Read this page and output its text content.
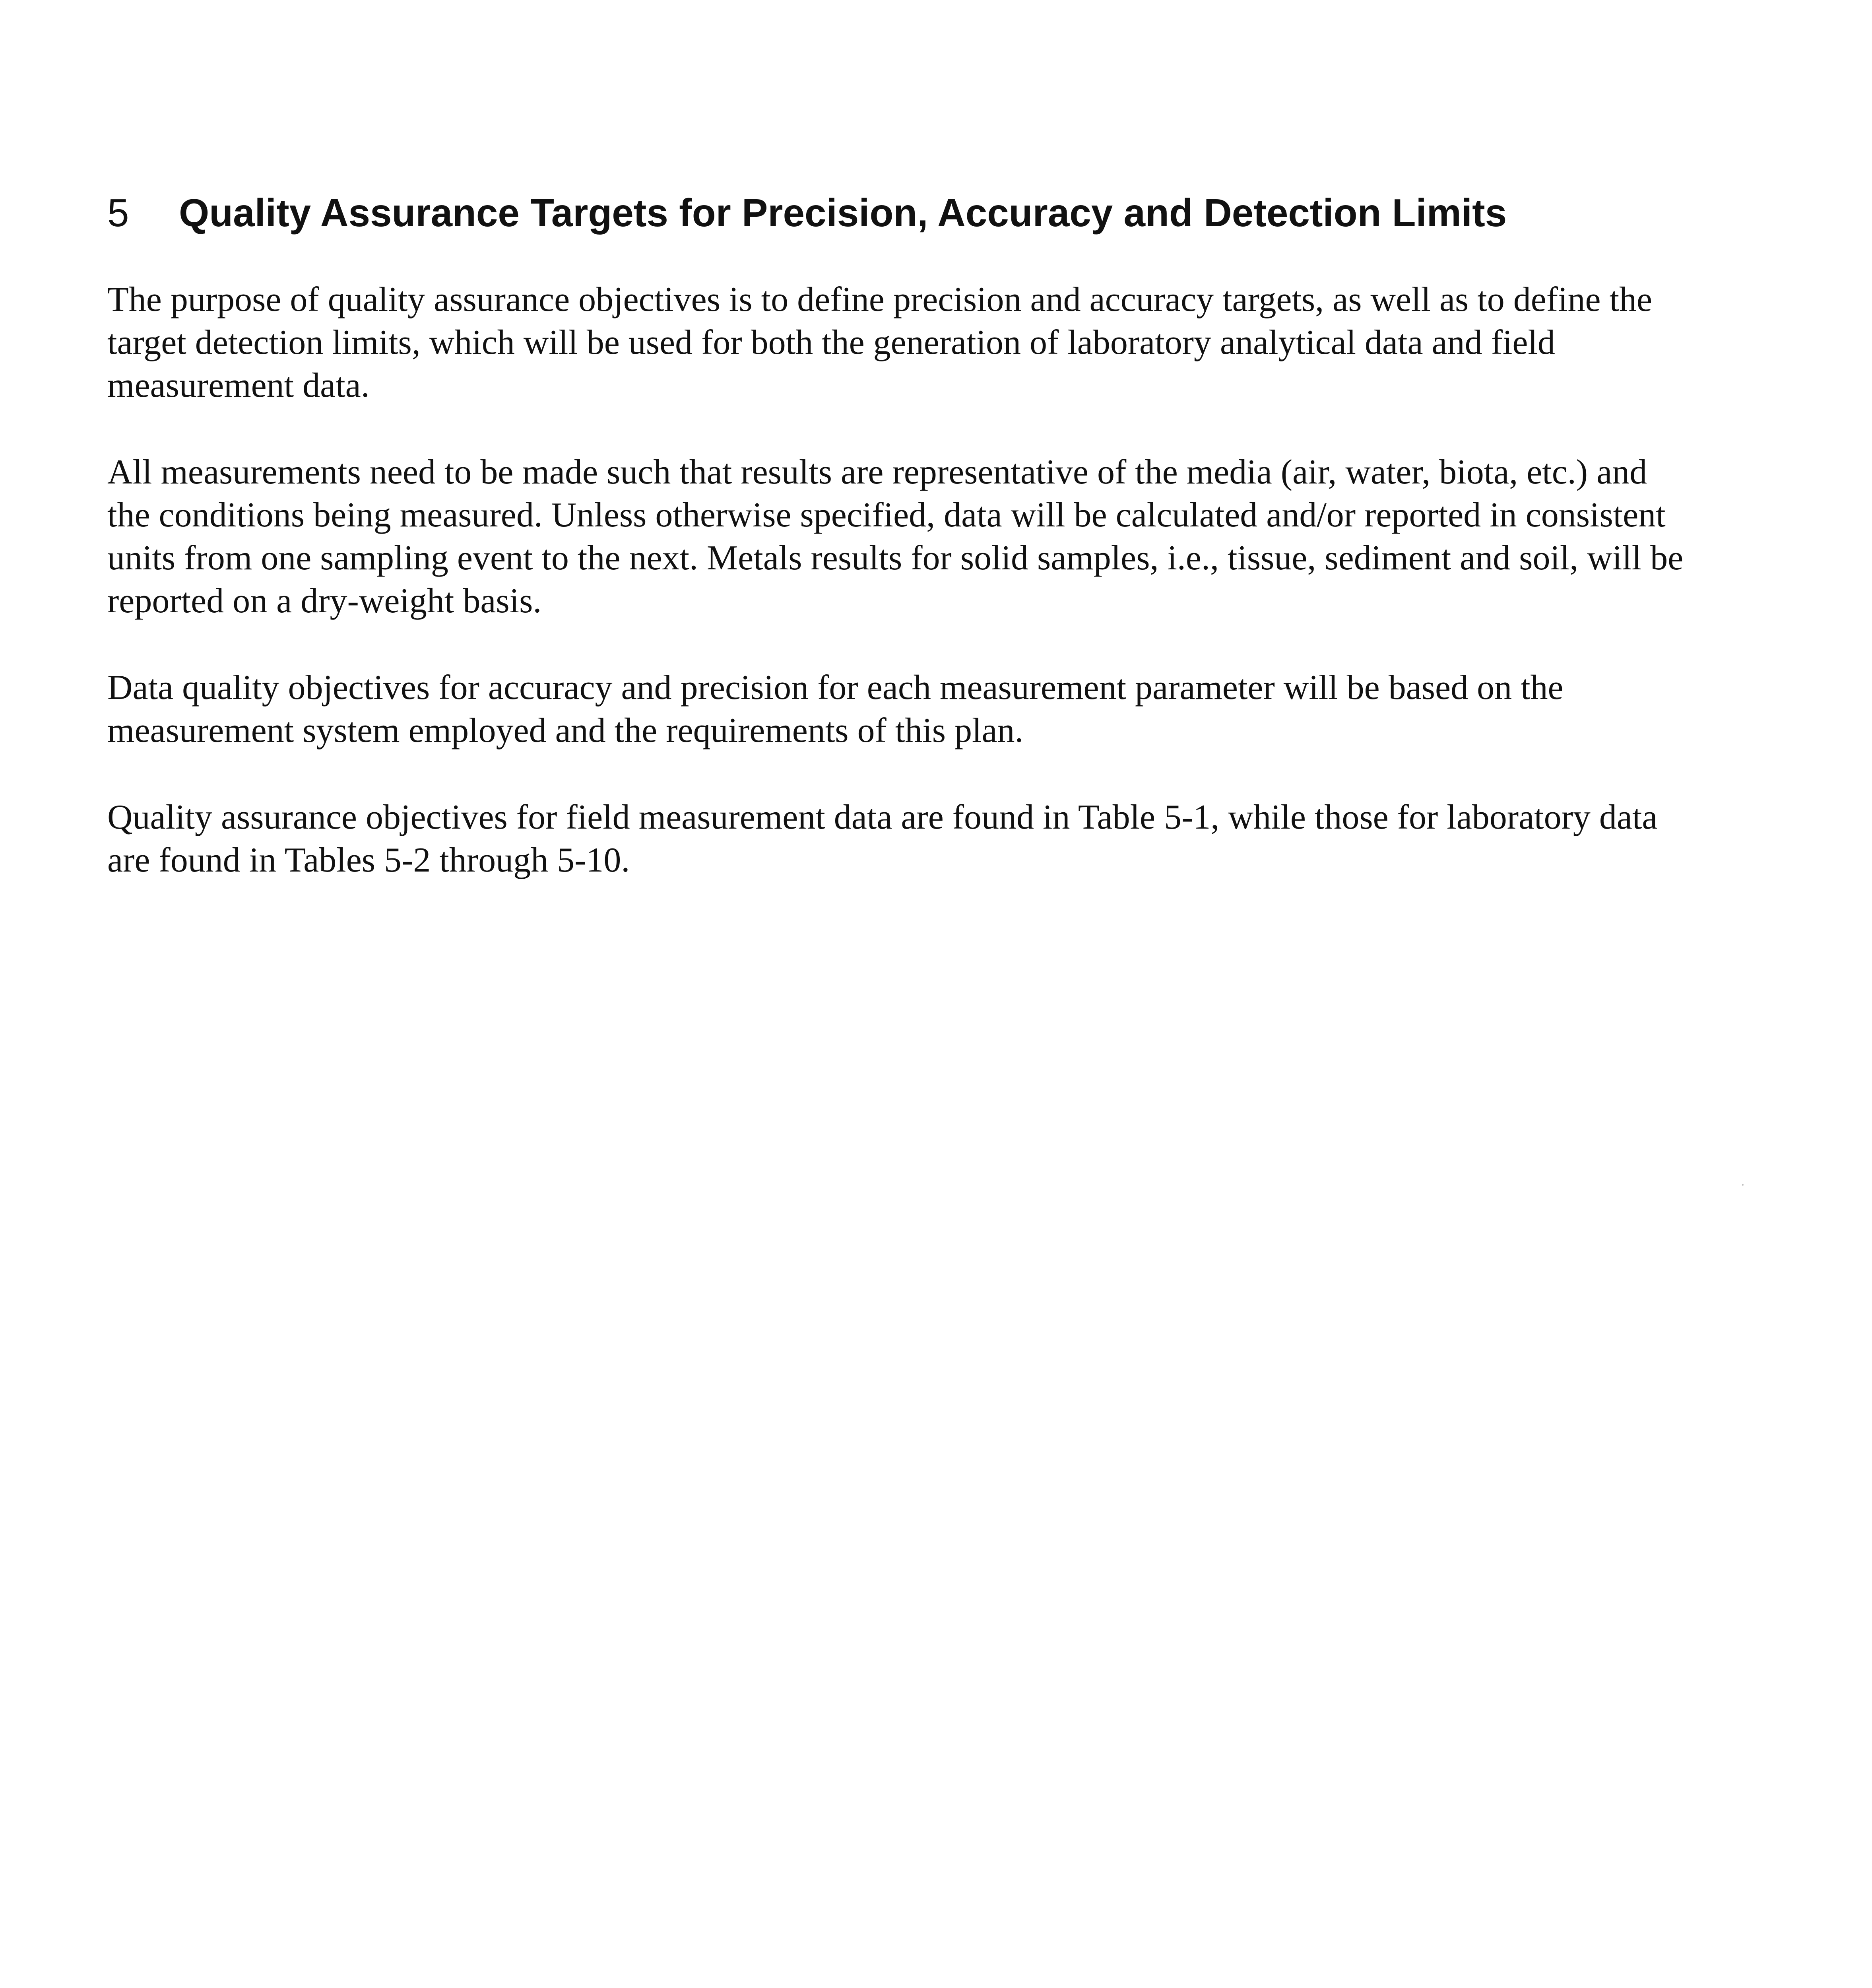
5 Quality Assurance Targets for Precision, Accuracy and Detection Limits

The purpose of quality assurance objectives is to define precision and accuracy targets, as well as to define the target detection limits, which will be used for both the generation of laboratory analytical data and field measurement data.

All measurements need to be made such that results are representative of the media (air, water, biota, etc.) and the conditions being measured. Unless otherwise specified, data will be calculated and/or reported in consistent units from one sampling event to the next. Metals results for solid samples, i.e., tissue, sediment and soil, will be reported on a dry-weight basis.

Data quality objectives for accuracy and precision for each measurement parameter will be based on the measurement system employed and the requirements of this plan.

Quality assurance objectives for field measurement data are found in Table 5-1, while those for laboratory data are found in Tables 5-2 through 5-10.
